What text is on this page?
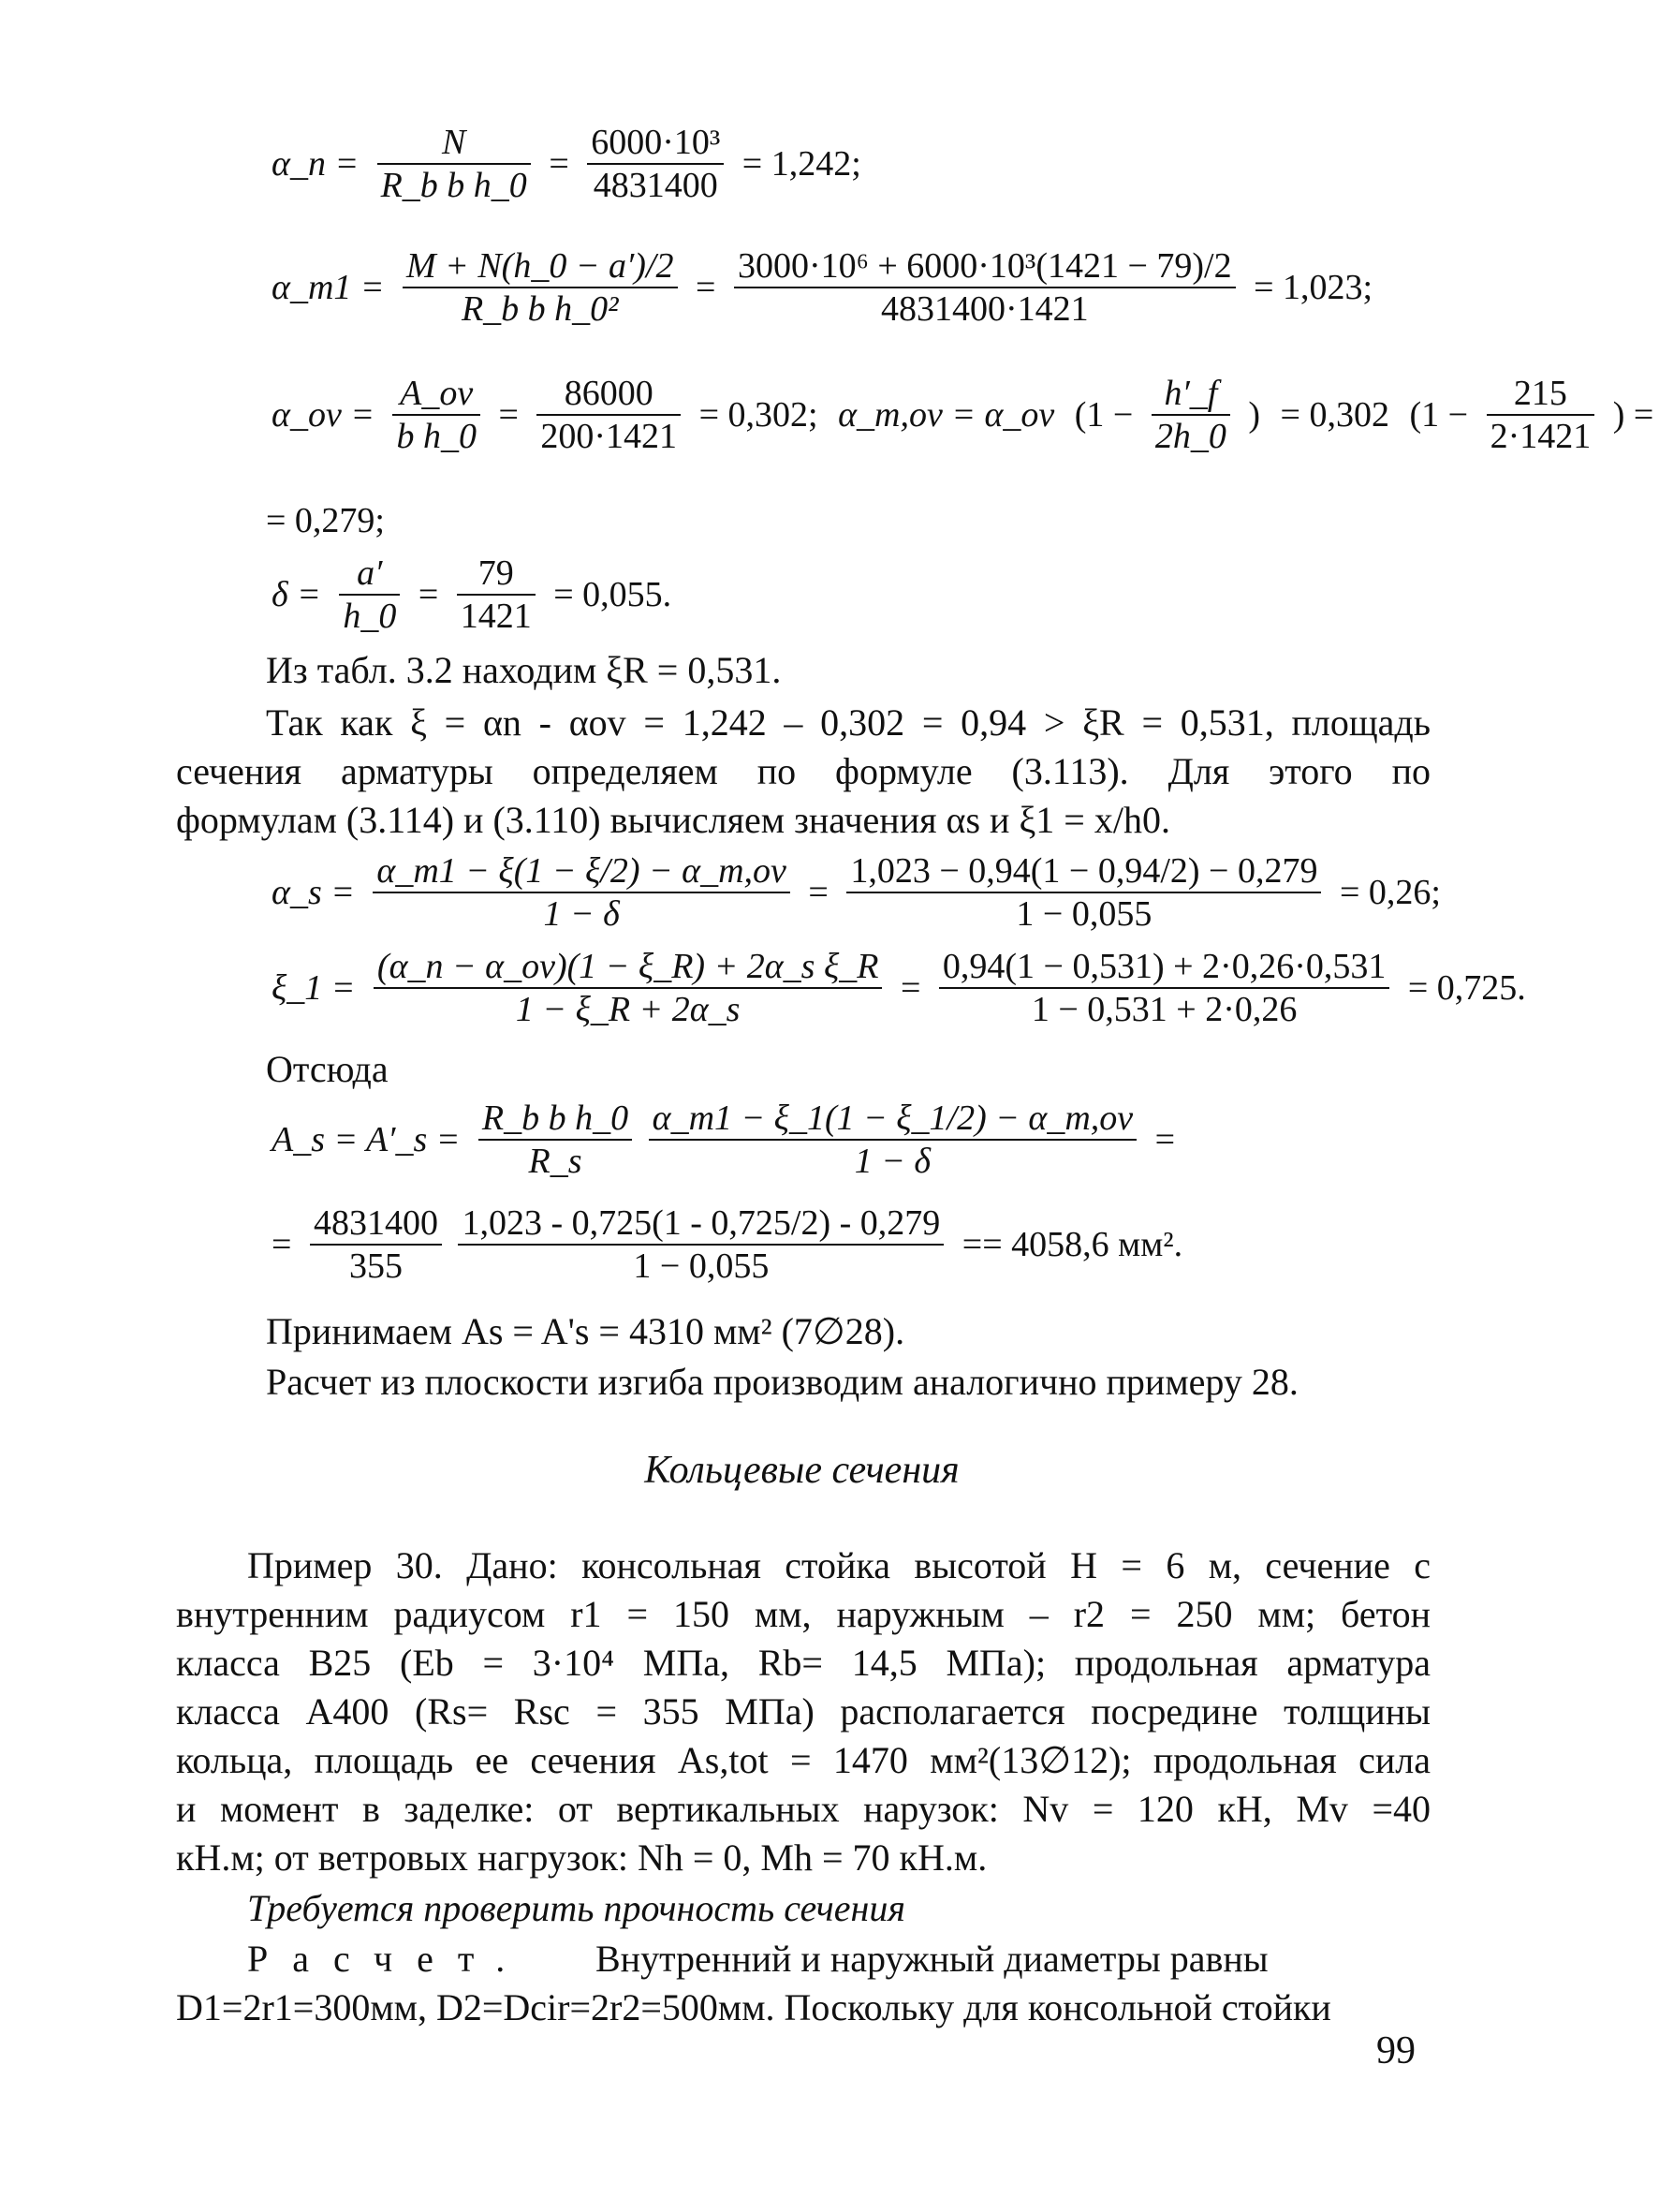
α_n = $\frac{N}{\text{R\_b b h\_0}} = \frac{\text{6000·10³}}{4831400} = 1,242$;
α_m1 = $\frac{M + N(h\_0 - a')/2}{\text{R\_b b h\_0²}} = \frac{\text{3000·10⁶ + 6000·10³(1421 − 79)/2}}{4831400\cdot 1421} = 1,023$;
α_ov = $\frac{A\_ov}{\text{b h\_0}} = \frac{86000}{200\cdot 1421} = 0,302$; α_m,ov = α_ov ($1 - \frac{h'\_f}{2h\_0}$ ) = 0,302 ($1 - \frac{215}{2\cdot 1421}$ ) =
= 0,279;
$\delta = \frac{a'}{h\_0} = \frac{79}{1421} = 0,055$.
Из табл. 3.2 находим ξR = 0,531.
Так как ξ = αn - αov = 1,242 – 0,302 = 0,94 > ξR = 0,531, площадь
сечения арматуры определяем по формуле (3.113). Для этого по
формулам (3.114) и (3.110) вычисляем значения αs и ξ1 = x/h0.
α_s = $\frac{\alpha\_m1 - \xi(1 - \xi/2) - \alpha\_m,ov}{1 - \delta} = \frac{1,023 - 0,94(1 - 0,94/2) - 0,279}{1 - 0,055} = 0,26$;
ξ_1 = $\frac{\text{(α\_n − α\_ov)(1 − ξ\_R) + 2α\_s ξ\_R}}{1 - \xi\_R + 2\alpha\_s} = \frac{0,94(1 - 0,531) + 2\cdot 0,26\cdot 0,531}{1 - 0,531 + 2\cdot 0,26} = 0,725$.
Отсюда
A_s = A′_s = $\frac{\text{R\_b b h\_0}}{R\_s}$
$\frac{\alpha\_m1 - \xi\_1(1 - \xi\_1/2) - \alpha\_m,ov}{1 - \delta}$ =
= $\frac{4831400}{355}$
$\frac{1,023 - 0,725(1 - 0,725/2) - 0,279}{1 - 0,055} == 4058,6$ мм².
Принимаем As = A's = 4310 мм² (7∅28).
Расчет из плоскости изгиба производим аналогично примеру 28.
Кольцевые сечения
Пример 30. Дано: консольная стойка высотой H = 6 м, сечение с
внутренним радиусом r1 = 150 мм, наружным – r2 = 250 мм; бетон
класса B25 (Eb = 3·10⁴ МПа, Rb= 14,5 МПа); продольная арматура
класса А400 (Rs= Rsc = 355 МПа) располагается посредине толщины
кольца, площадь ее сечения As,tot = 1470 мм²(13∅12); продольная сила
и момент в заделке: от вертикальных нарузок: Nv = 120 кН, Mv =40
кН.м; от ветровых нагрузок: Nh = 0, Mh = 70 кН.м.
Требуется проверить прочность сечения
Расчет. Внутренний и наружный диаметры равны
D1=2r1=300мм, D2=Dcir=2r2=500мм. Поскольку для консольной стойки
99
